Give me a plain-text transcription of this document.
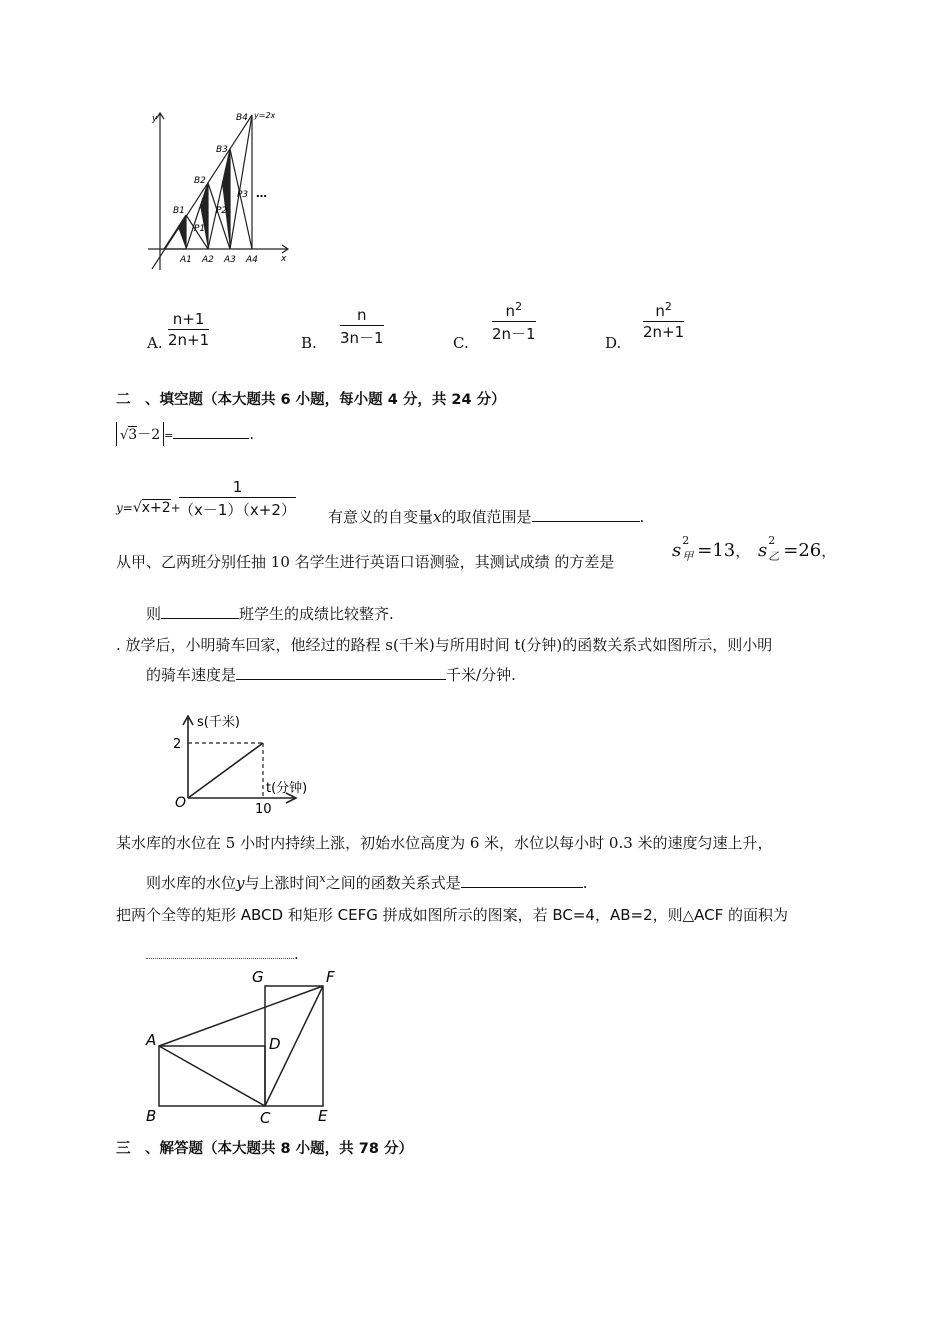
y
x
y=2x
B1
B2
B3
B4
P1
P2
P3 …
A1 A2 A3 A4
A. $\frac{n+1}{2n+1}$	B. $\frac{n}{3n-1}$	C. $\frac{n^2}{2n-1}$	D.
$\frac{n^2}{2n+1}$
二　、填空题（本大题共 6 小题，每小题 4 分，共 24 分）
√3－2 =	.
y=√x+2+
$\frac{1}{(x-1)(x+2)}$ 有意义的自变量x的取值范围是	.
从甲、乙两班分别任抽 10 名学生进行英语口语测验，其测试成绩 的方差是
s 2
甲 =13， s 2
乙 =26，
则	班学生的成绩比较整齐.
. 放学后，小明骑车回家，他经过的路程 s(千米)与所用时间 t(分钟)的函数关系式如图所示，则小明
的骑车速度是	千米/分钟.
s(千米)
t(分钟)
2
10
O
某水库的水位在 5 小时内持续上涨，初始水位高度为 6 米，水位以每小时 0.3 米的速度匀速上升，
则水库的水位y与上涨时间$^x$之间的函数关系式是	.
把两个全等的矩形 ABCD 和矩形 CEFG 拼成如图所示的图案，若 BC=4，AB=2，则△ACF 的面积为
.
G	F
A	D
B	C	E
三　、解答题（本大题共 8 小题，共 78 分）
